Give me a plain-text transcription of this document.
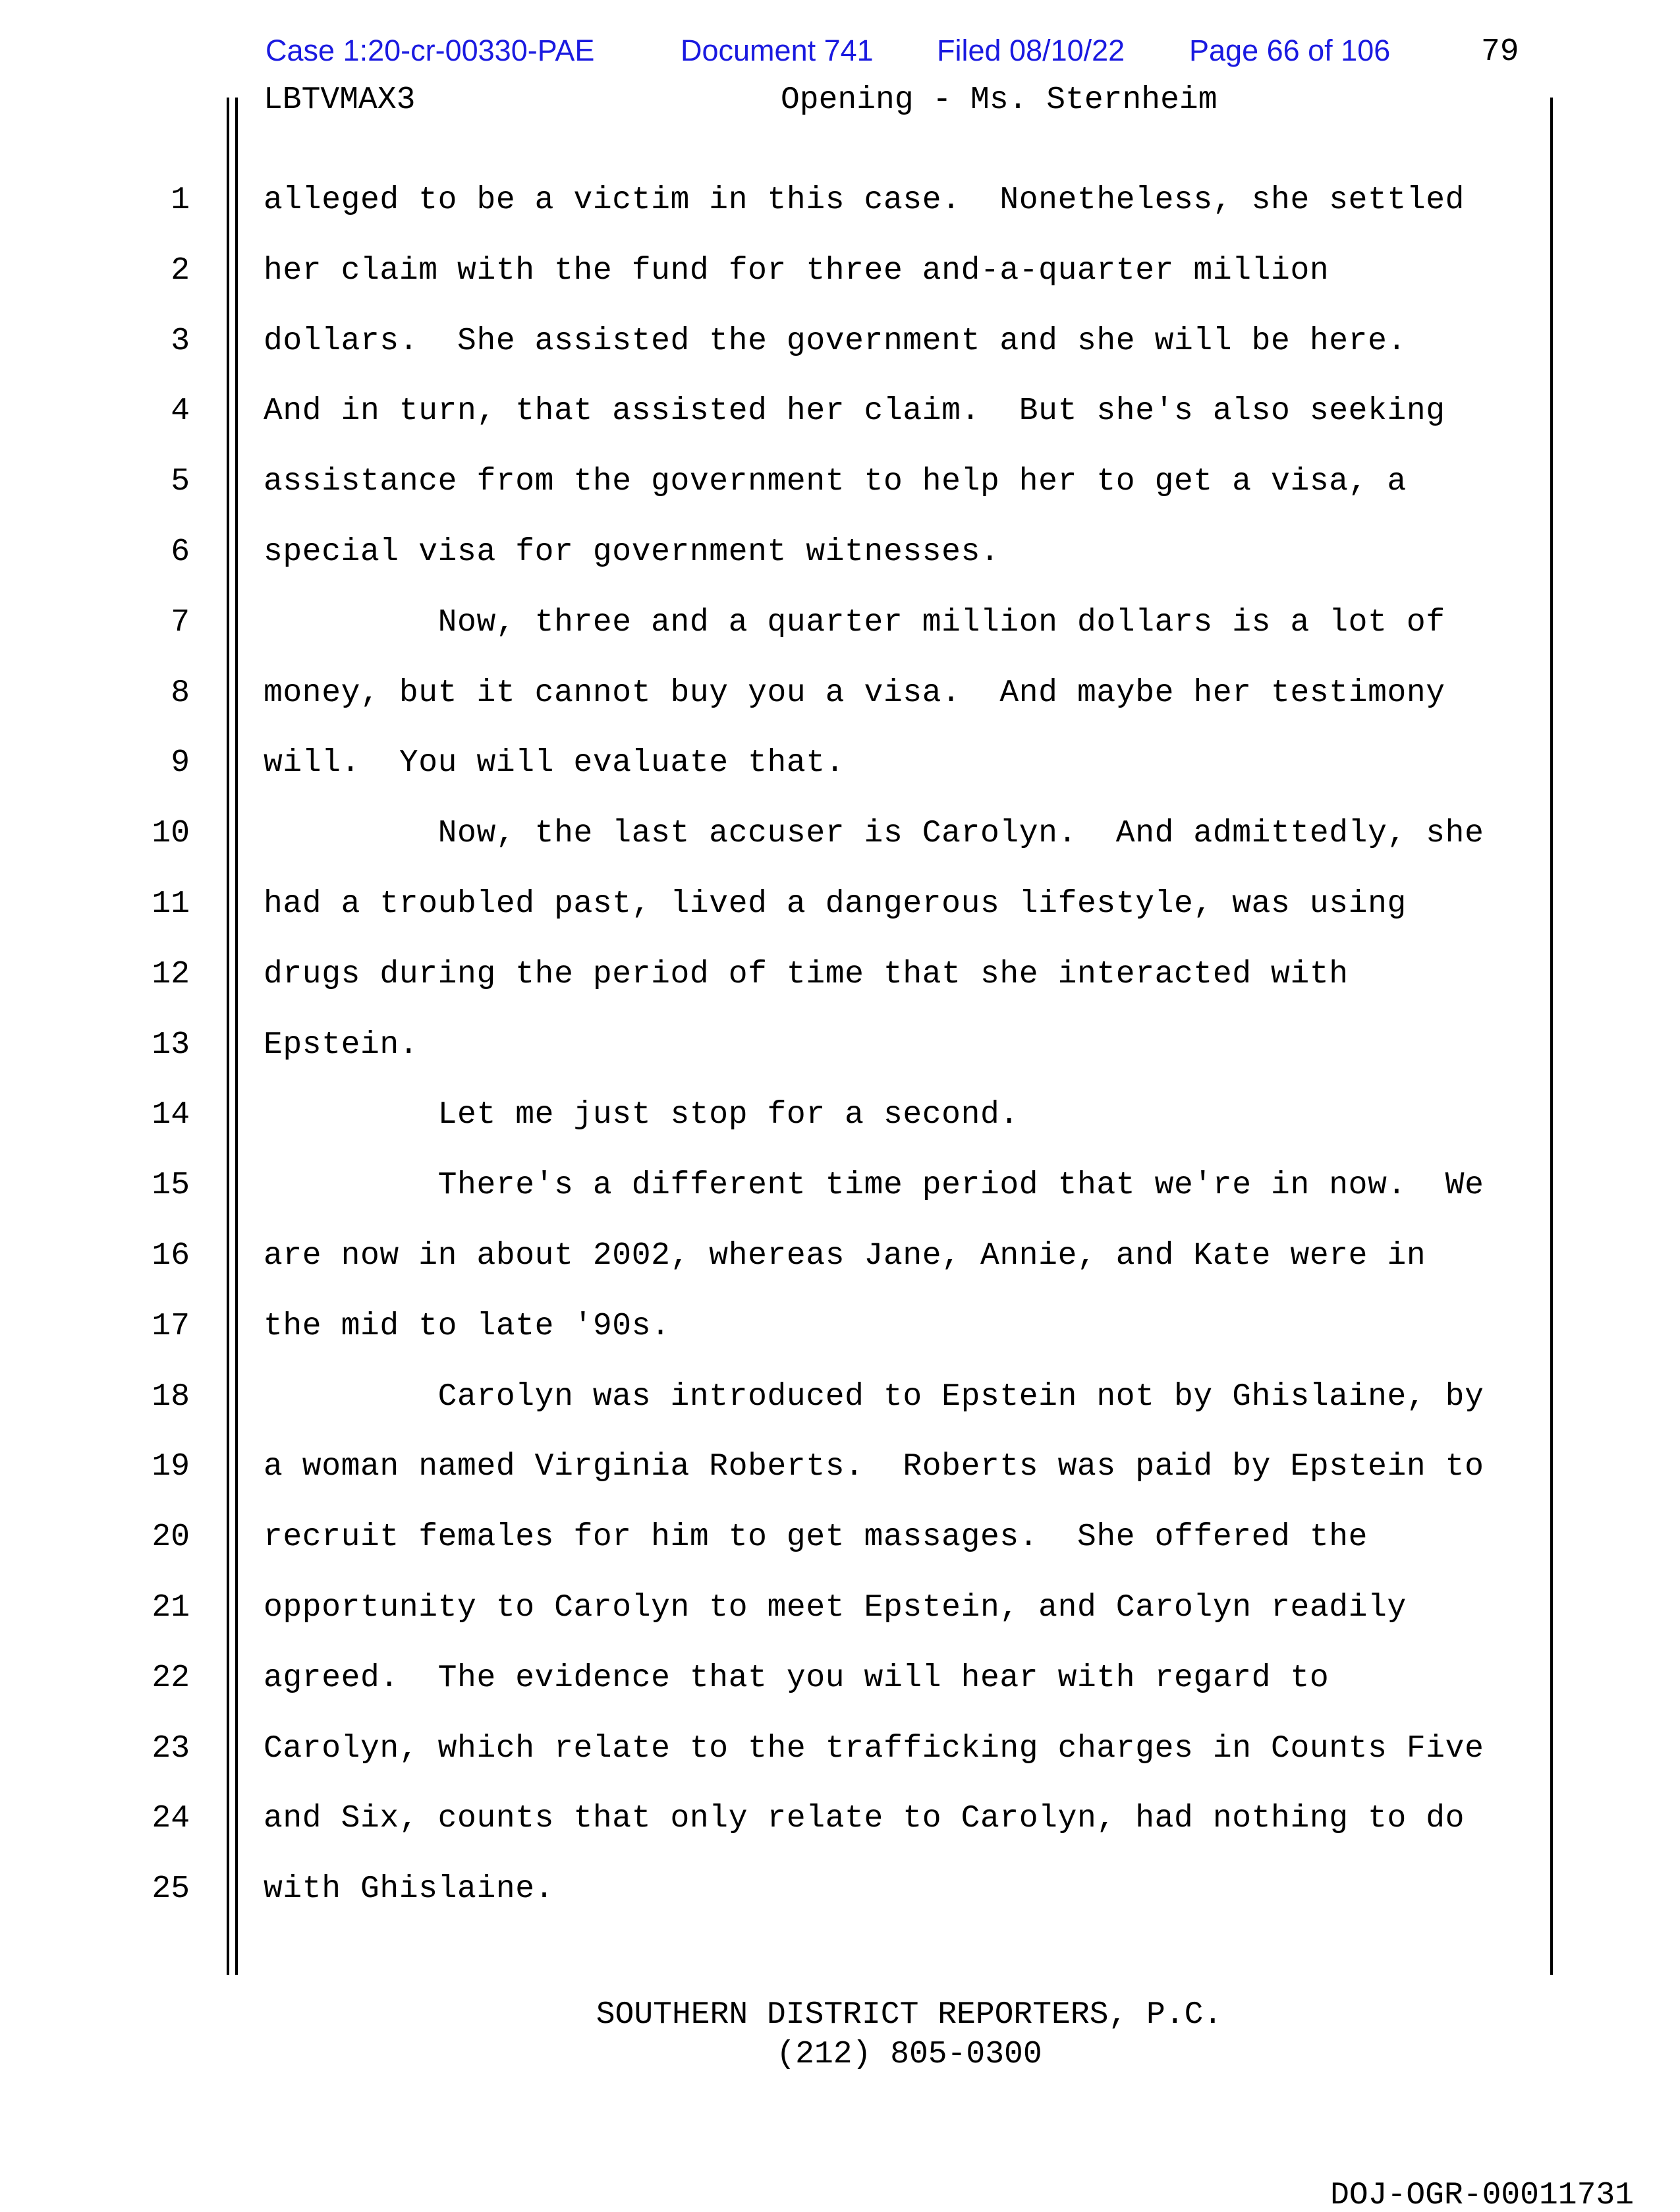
Case 1:20-cr-00330-PAE	Document 741 Filed 08/10/22 Page 66 of 106	79
LBTVMAX3	Opening - Ms. Sternheim
1 alleged to be a victim in this case.  Nonetheless, she settled
2 her claim with the fund for three and-a-quarter million
3 dollars.  She assisted the government and she will be here.
4 And in turn, that assisted her claim.  But she's also seeking
5 assistance from the government to help her to get a visa, a
6 special visa for government witnesses.
7 Now, three and a quarter million dollars is a lot of
8 money, but it cannot buy you a visa.  And maybe her testimony
9 will.  You will evaluate that.
10 Now, the last accuser is Carolyn.  And admittedly, she
11 had a troubled past, lived a dangerous lifestyle, was using
12 drugs during the period of time that she interacted with
13 Epstein.
14 Let me just stop for a second.
15 There's a different time period that we're in now.  We
16 are now in about 2002, whereas Jane, Annie, and Kate were in
17 the mid to late '90s.
18 Carolyn was introduced to Epstein not by Ghislaine, by
19 a woman named Virginia Roberts.  Roberts was paid by Epstein to
20 recruit females for him to get massages.  She offered the
21 opportunity to Carolyn to meet Epstein, and Carolyn readily
22 agreed.  The evidence that you will hear with regard to
23 Carolyn, which relate to the trafficking charges in Counts Five
24 and Six, counts that only relate to Carolyn, had nothing to do
25 with Ghislaine.
SOUTHERN DISTRICT REPORTERS, P.C.
(212) 805-0300
DOJ-OGR-00011731
